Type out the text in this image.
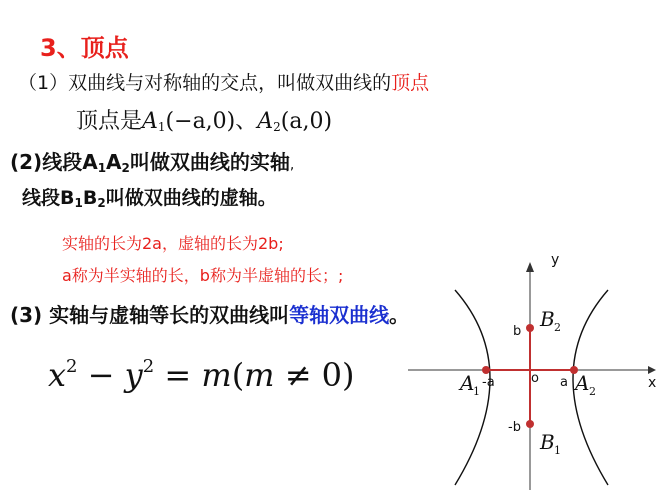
3、顶点
（1）双曲线与对称轴的交点，叫做双曲线的顶点
顶点是$A_1(-a,0)$、$A_2(a,0)$
(2)线段$A_1A_2$叫做双曲线的实轴,
线段$B_1B_2$叫做双曲线的虚轴。
实轴的长为2a，虚轴的长为2b;
a称为半实轴的长，b称为半虚轴的长；;
(3) 实轴与虚轴等长的双曲线叫等轴双曲线。
$x^2 - y^2 = m(m \ne 0)$
y
x
o
B 2
b
A
1
-a	a A 2
-b
B 1
